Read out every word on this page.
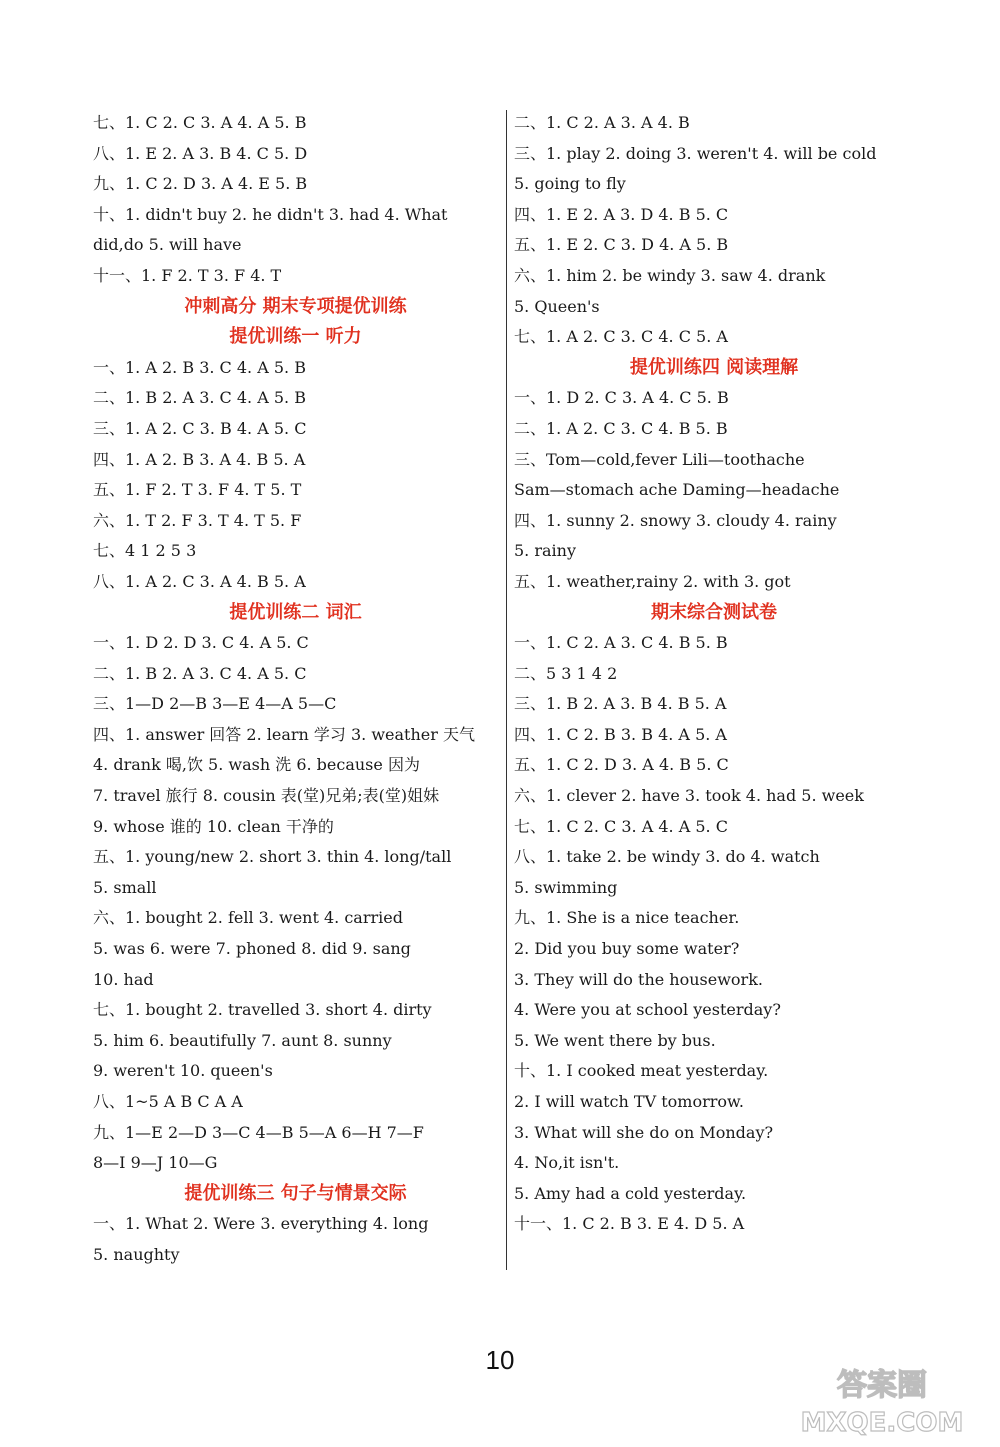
七、1. C 2. C 3. A 4. A 5. B
八、1. E 2. A 3. B 4. C 5. D
九、1. C 2. D 3. A 4. E 5. B
十、1. didn't buy 2. he didn't 3. had 4. What
did,do 5. will have
十一、1. F 2. T 3. F 4. T
冲刺高分 期末专项提优训练
提优训练一 听力
一、1. A 2. B 3. C 4. A 5. B
二、1. B 2. A 3. C 4. A 5. B
三、1. A 2. C 3. B 4. A 5. C
四、1. A 2. B 3. A 4. B 5. A
五、1. F 2. T 3. F 4. T 5. T
六、1. T 2. F 3. T 4. T 5. F
七、4 1 2 5 3
八、1. A 2. C 3. A 4. B 5. A
提优训练二 词汇
一、1. D 2. D 3. C 4. A 5. C
二、1. B 2. A 3. C 4. A 5. C
三、1—D 2—B 3—E 4—A 5—C
四、1. answer 回答 2. learn 学习 3. weather 天气
4. drank 喝,饮 5. wash 洗 6. because 因为
7. travel 旅行 8. cousin 表(堂)兄弟;表(堂)姐妹
9. whose 谁的 10. clean 干净的
五、1. young/new 2. short 3. thin 4. long/tall
5. small
六、1. bought 2. fell 3. went 4. carried
5. was 6. were 7. phoned 8. did 9. sang
10. had
七、1. bought 2. travelled 3. short 4. dirty
5. him 6. beautifully 7. aunt 8. sunny
9. weren't 10. queen's
八、1~5 A B C A A
九、1—E 2—D 3—C 4—B 5—A 6—H 7—F
8—I 9—J 10—G
提优训练三 句子与情景交际
一、1. What 2. Were 3. everything 4. long
5. naughty
二、1. C 2. A 3. A 4. B
三、1. play 2. doing 3. weren't 4. will be cold
5. going to fly
四、1. E 2. A 3. D 4. B 5. C
五、1. E 2. C 3. D 4. A 5. B
六、1. him 2. be windy 3. saw 4. drank
5. Queen's
七、1. A 2. C 3. C 4. C 5. A
提优训练四 阅读理解
一、1. D 2. C 3. A 4. C 5. B
二、1. A 2. C 3. C 4. B 5. B
三、Tom—cold,fever Lili—toothache
Sam—stomach ache Daming—headache
四、1. sunny 2. snowy 3. cloudy 4. rainy
5. rainy
五、1. weather,rainy 2. with 3. got
期末综合测试卷
一、1. C 2. A 3. C 4. B 5. B
二、5 3 1 4 2
三、1. B 2. A 3. B 4. B 5. A
四、1. C 2. B 3. B 4. A 5. A
五、1. C 2. D 3. A 4. B 5. C
六、1. clever 2. have 3. took 4. had 5. week
七、1. C 2. C 3. A 4. A 5. C
八、1. take 2. be windy 3. do 4. watch
5. swimming
九、1. She is a nice teacher.
2. Did you buy some water?
3. They will do the housework.
4. Were you at school yesterday?
5. We went there by bus.
十、1. I cooked meat yesterday.
2. I will watch TV tomorrow.
3. What will she do on Monday?
4. No,it isn't.
5. Amy had a cold yesterday.
十一、1. C 2. B 3. E 4. D 5. A
10
答案圈
MXQE.COM
